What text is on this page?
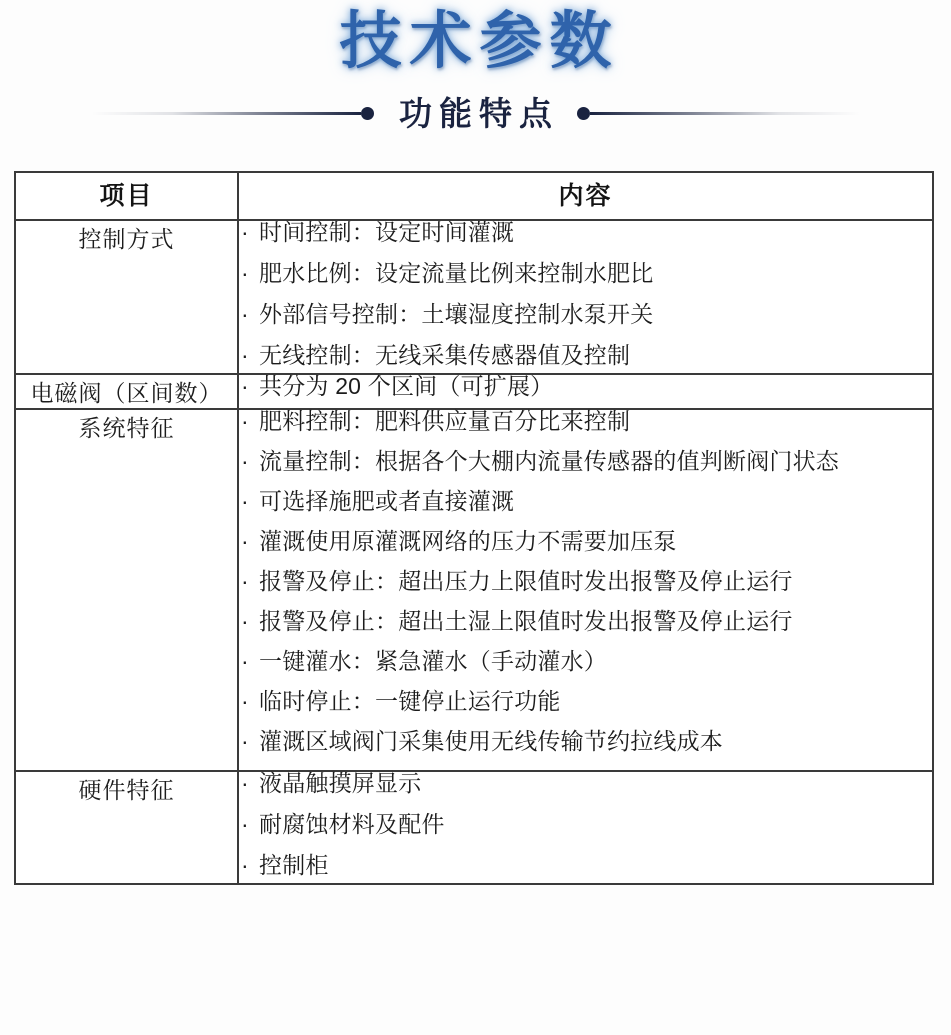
技术参数
功能特点
项目	内容
控制方式	· 时间控制：设定时间灌溉
· 肥水比例：设定流量比例来控制水肥比
· 外部信号控制：土壤湿度控制水泵开关
· 无线控制：无线采集传感器值及控制

电磁阀（区间数）	· 共分为 20 个区间（可扩展）

系统特征	· 肥料控制：肥料供应量百分比来控制
· 流量控制：根据各个大棚内流量传感器的值判断阀门状态
· 可选择施肥或者直接灌溉
· 灌溉使用原灌溉网络的压力不需要加压泵
· 报警及停止：超出压力上限值时发出报警及停止运行
· 报警及停止：超出土湿上限值时发出报警及停止运行
· 一键灌水：紧急灌水（手动灌水）
· 临时停止：一键停止运行功能
· 灌溉区域阀门采集使用无线传输节约拉线成本

硬件特征	· 液晶触摸屏显示
· 耐腐蚀材料及配件
· 控制柜
